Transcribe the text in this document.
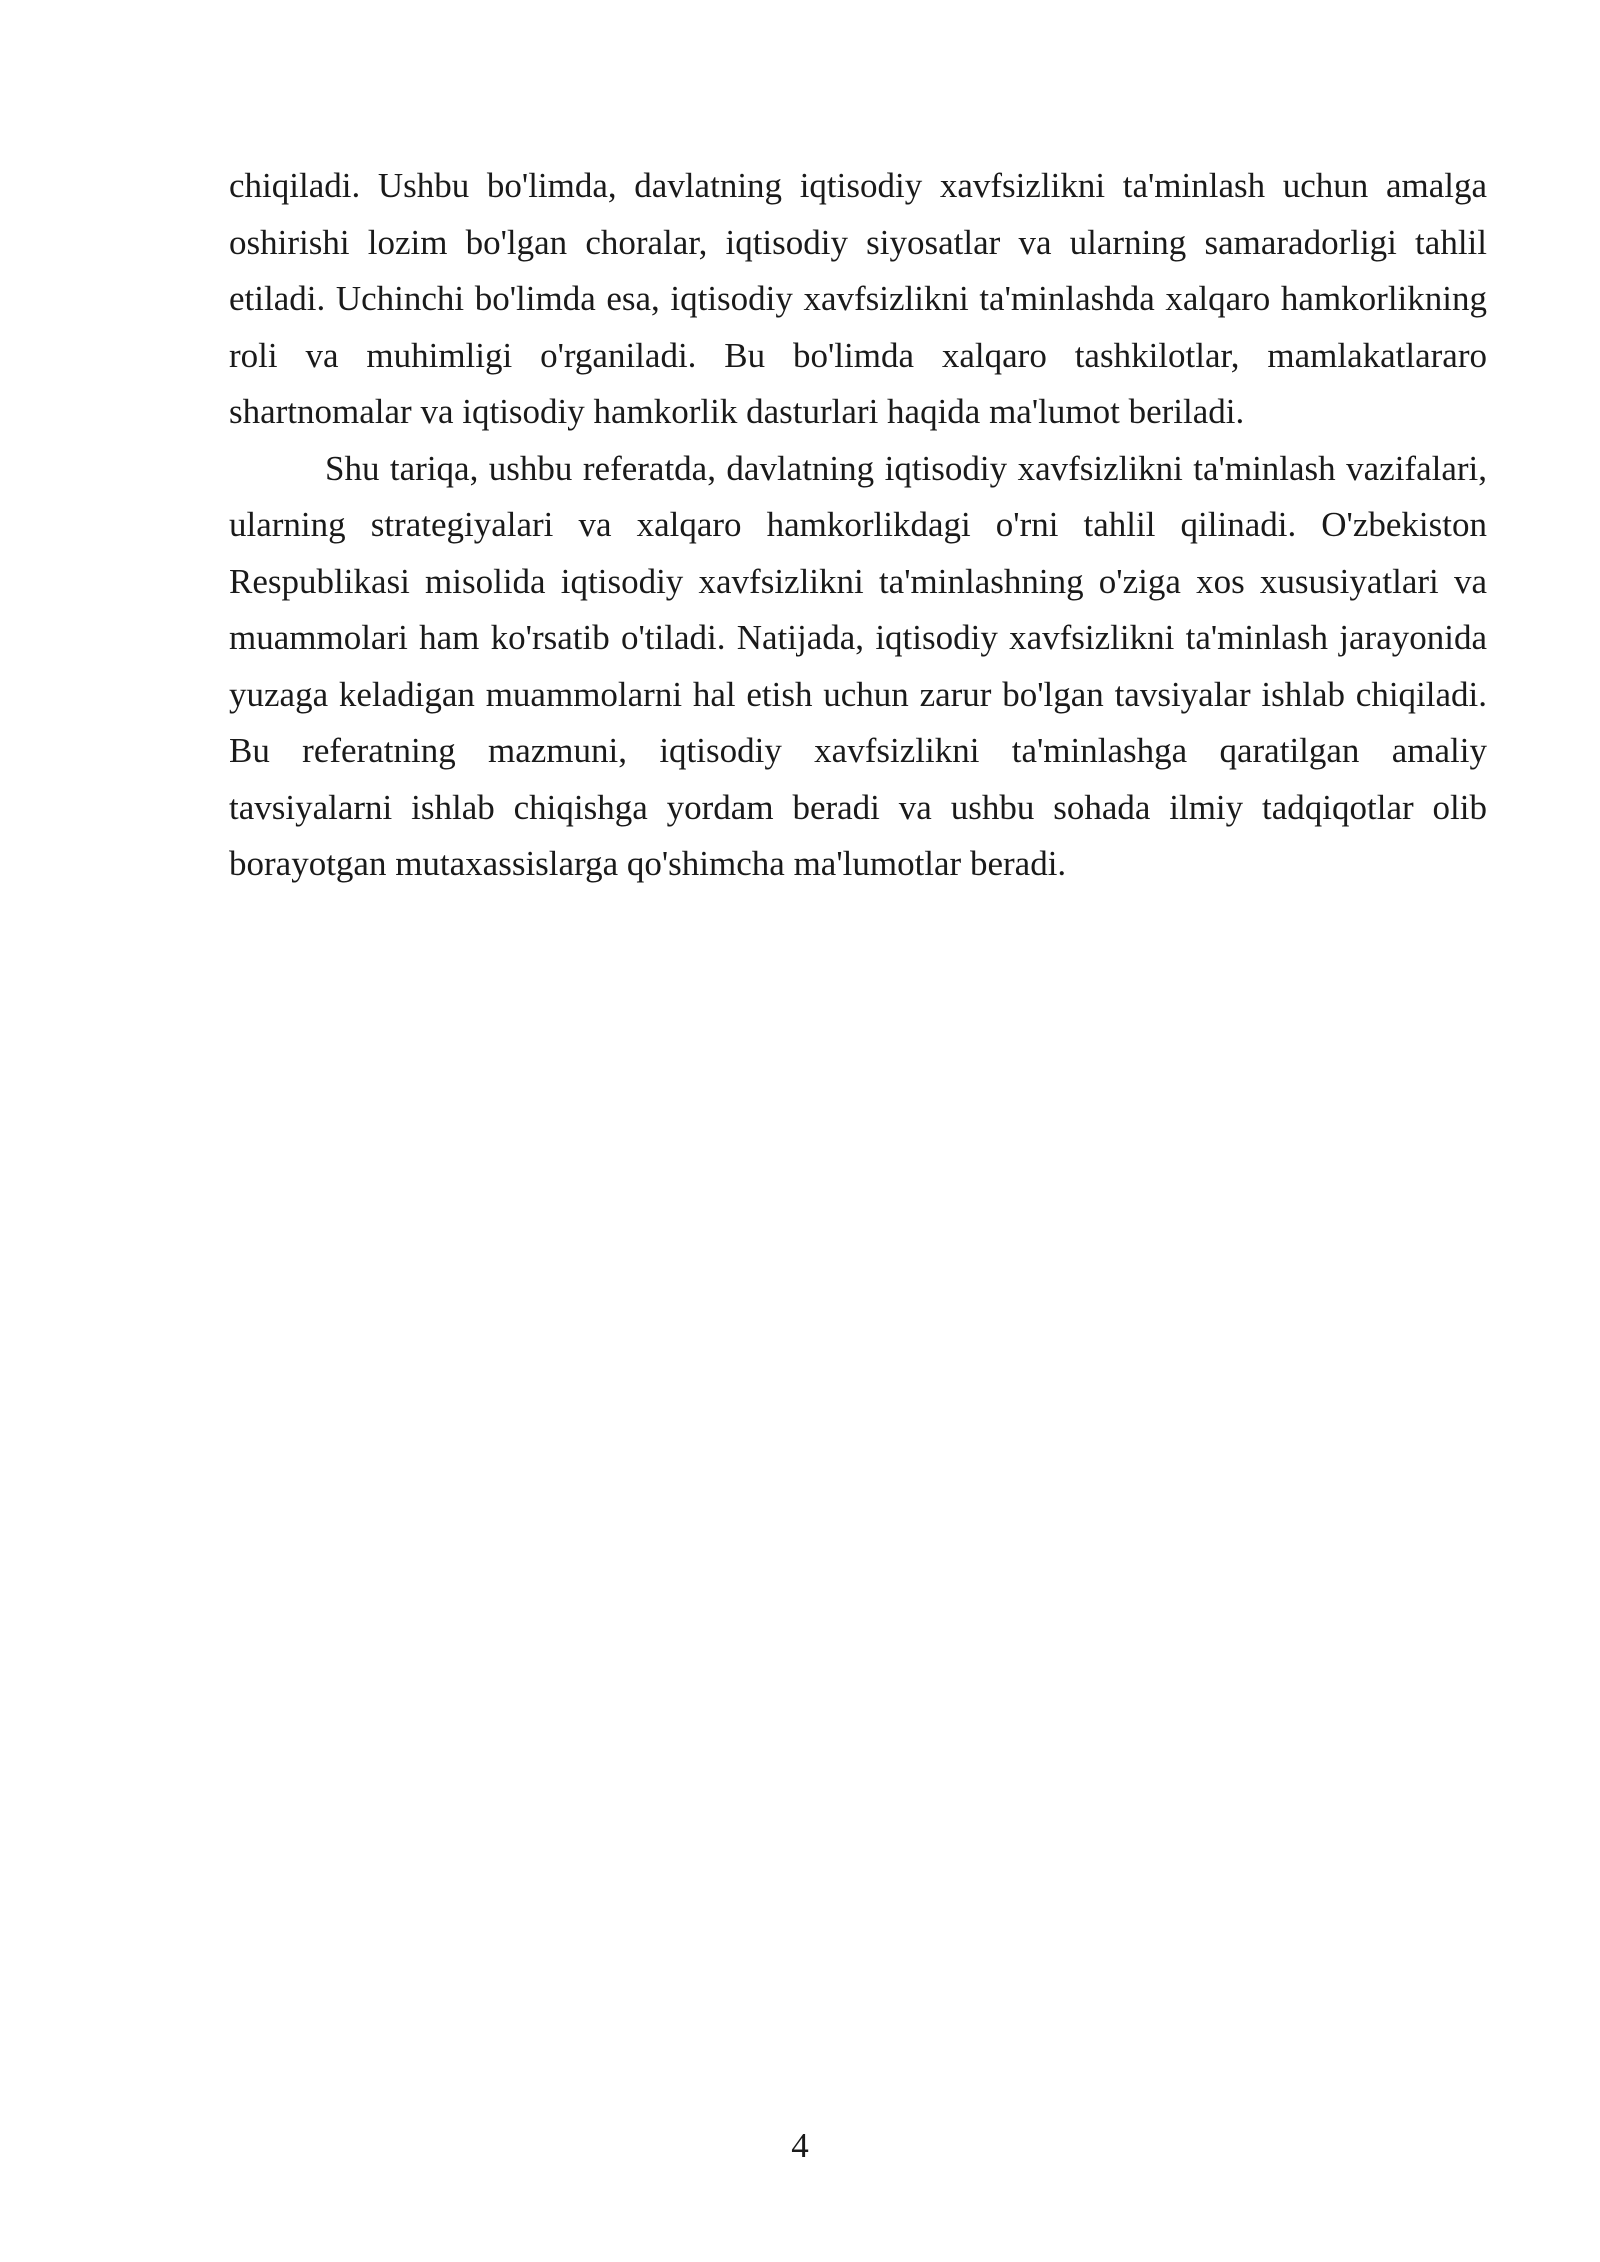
chiqiladi. Ushbu bo'limda, davlatning iqtisodiy xavfsizlikni ta'minlash uchun amalga oshirishi lozim bo'lgan choralar, iqtisodiy siyosatlar va ularning samaradorligi tahlil etiladi. Uchinchi bo'limda esa, iqtisodiy xavfsizlikni ta'minlashda xalqaro hamkorlikning roli va muhimligi o'rganiladi. Bu bo'limda xalqaro tashkilotlar, mamlakatlararo shartnomalar va iqtisodiy hamkorlik dasturlari haqida ma'lumot beriladi.

Shu tariqa, ushbu referatda, davlatning iqtisodiy xavfsizlikni ta'minlash vazifalari, ularning strategiyalari va xalqaro hamkorlikdagi o'rni tahlil qilinadi. O'zbekiston Respublikasi misolida iqtisodiy xavfsizlikni ta'minlashning o'ziga xos xususiyatlari va muammolari ham ko'rsatib o'tiladi. Natijada, iqtisodiy xavfsizlikni ta'minlash jarayonida yuzaga keladigan muammolarni hal etish uchun zarur bo'lgan tavsiyalar ishlab chiqiladi. Bu referatning mazmuni, iqtisodiy xavfsizlikni ta'minlashga qaratilgan amaliy tavsiyalarni ishlab chiqishga yordam beradi va ushbu sohada ilmiy tadqiqotlar olib borayotgan mutaxassislarga qo'shimcha ma'lumotlar beradi.

4
